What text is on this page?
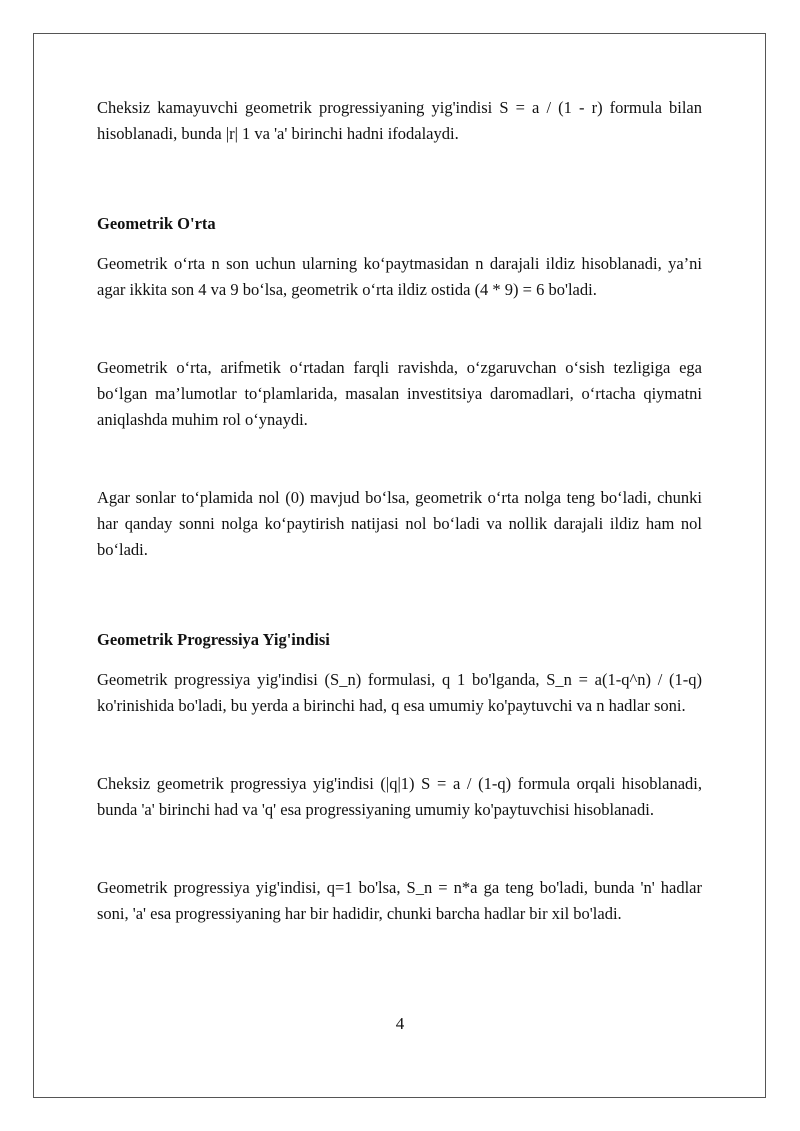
Cheksiz kamayuvchi geometrik progressiyaning yig'indisi S = a / (1 - r) formula bilan hisoblanadi, bunda |r| 1 va 'a' birinchi hadni ifodalaydi.

Geometrik O'rta

Geometrik o‘rta n son uchun ularning ko‘paytmasidan n darajali ildiz hisoblanadi, ya’ni agar ikkita son 4 va 9 bo‘lsa, geometrik o‘rta ildiz ostida (4 * 9) = 6 bo'ladi.

Geometrik o‘rta, arifmetik o‘rtadan farqli ravishda, o‘zgaruvchan o‘sish tezligiga ega bo‘lgan ma’lumotlar to‘plamlarida, masalan investitsiya daromadlari, o‘rtacha qiymatni aniqlashda muhim rol o‘ynaydi.

Agar sonlar to‘plamida nol (0) mavjud bo‘lsa, geometrik o‘rta nolga teng bo‘ladi, chunki har qanday sonni nolga ko‘paytirish natijasi nol bo‘ladi va nollik darajali ildiz ham nol bo‘ladi.

Geometrik Progressiya Yig'indisi

Geometrik progressiya yig'indisi (S_n) formulasi, q 1 bo'lganda, S_n = a(1-q^n) / (1-q) ko'rinishida bo'ladi, bu yerda a birinchi had, q esa umumiy ko'paytuvchi va n hadlar soni.

Cheksiz geometrik progressiya yig'indisi (|q|1) S = a / (1-q) formula orqali hisoblanadi, bunda 'a' birinchi had va 'q' esa progressiyaning umumiy ko'paytuvchisi hisoblanadi.

Geometrik progressiya yig'indisi, q=1 bo'lsa, S_n = n*a ga teng bo'ladi, bunda 'n' hadlar soni, 'a' esa progressiyaning har bir hadidir, chunki barcha hadlar bir xil bo'ladi.

4
